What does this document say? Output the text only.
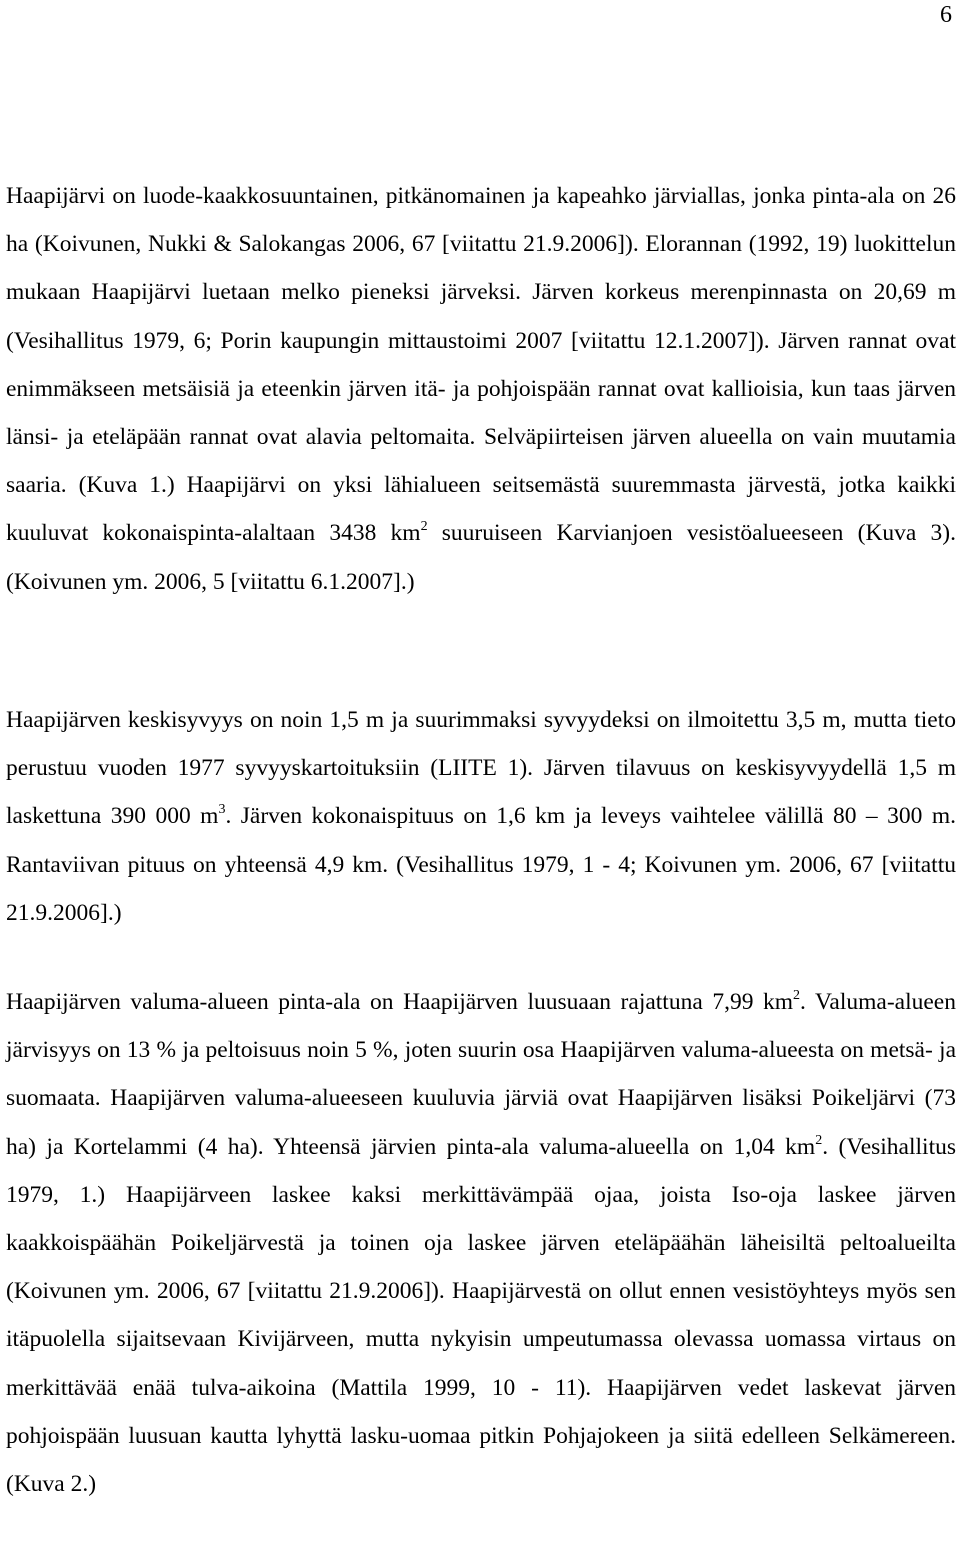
6

Haapijärvi on luode-kaakkosuuntainen, pitkänomainen ja kapeahko järviallas, jonka pinta-ala on 26 ha (Koivunen, Nukki & Salokangas 2006, 67 [viitattu 21.9.2006]). Elorannan (1992, 19) luokittelun mukaan Haapijärvi luetaan melko pieneksi järveksi. Järven korkeus merenpinnasta on 20,69 m (Vesihallitus 1979, 6; Porin kaupungin mittaustoimi 2007 [viitattu 12.1.2007]). Järven rannat ovat enimmäkseen metsäisiä ja eteenkin järven itä- ja pohjoispään rannat ovat kallioisia, kun taas järven länsi- ja eteläpään rannat ovat alavia peltomaita. Selväpiirteisen järven alueella on vain muutamia saaria. (Kuva 1.) Haapijärvi on yksi lähialueen seitsemästä suuremmasta järvestä, jotka kaikki kuuluvat kokonaispinta-alaltaan 3438 $km^2$ suuruiseen Karvianjoen vesistöalueeseen (Kuva 3). (Koivunen ym. 2006, 5 [viitattu 6.1.2007].)

Haapijärven keskisyvyys on noin 1,5 m ja suurimmaksi syvyydeksi on ilmoitettu 3,5 m, mutta tieto perustuu vuoden 1977 syvyyskartoituksiin (LIITE 1). Järven tilavuus on keskisyvyydellä 1,5 m laskettuna 390 000 $m^3$. Järven kokonaispituus on 1,6 km ja leveys vaihtelee välillä 80 – 300 m. Rantaviivan pituus on yhteensä 4,9 km. (Vesihallitus 1979, 1 - 4; Koivunen ym. 2006, 67 [viitattu 21.9.2006].)

Haapijärven valuma-alueen pinta-ala on Haapijärven luusuaan rajattuna 7,99 $km^2$. Valuma-alueen järvisyys on 13 % ja peltoisuus noin 5 %, joten suurin osa Haapijärven valuma-alueesta on metsä- ja suomaata. Haapijärven valuma-alueeseen kuuluvia järviä ovat Haapijärven lisäksi Poikeljärvi (73 ha) ja Kortelammi (4 ha). Yhteensä järvien pinta-ala valuma-alueella on 1,04 $km^2$. (Vesihallitus 1979, 1.) Haapijärveen laskee kaksi merkittävämpää ojaa, joista Iso-oja laskee järven kaakkoispäähän Poikeljärvestä ja toinen oja laskee järven eteläpäähän läheisiltä peltoalueilta (Koivunen ym. 2006, 67 [viitattu 21.9.2006]). Haapijärvestä on ollut ennen vesistöyhteys myös sen itäpuolella sijaitsevaan Kivijärveen, mutta nykyisin umpeutumassa olevassa uomassa virtaus on merkittävää enää tulva-aikoina (Mattila 1999, 10 - 11). Haapijärven vedet laskevat järven pohjoispään luusuan kautta lyhyttä lasku-uomaa pitkin Pohjajokeen ja siitä edelleen Selkämereen. (Kuva 2.)
